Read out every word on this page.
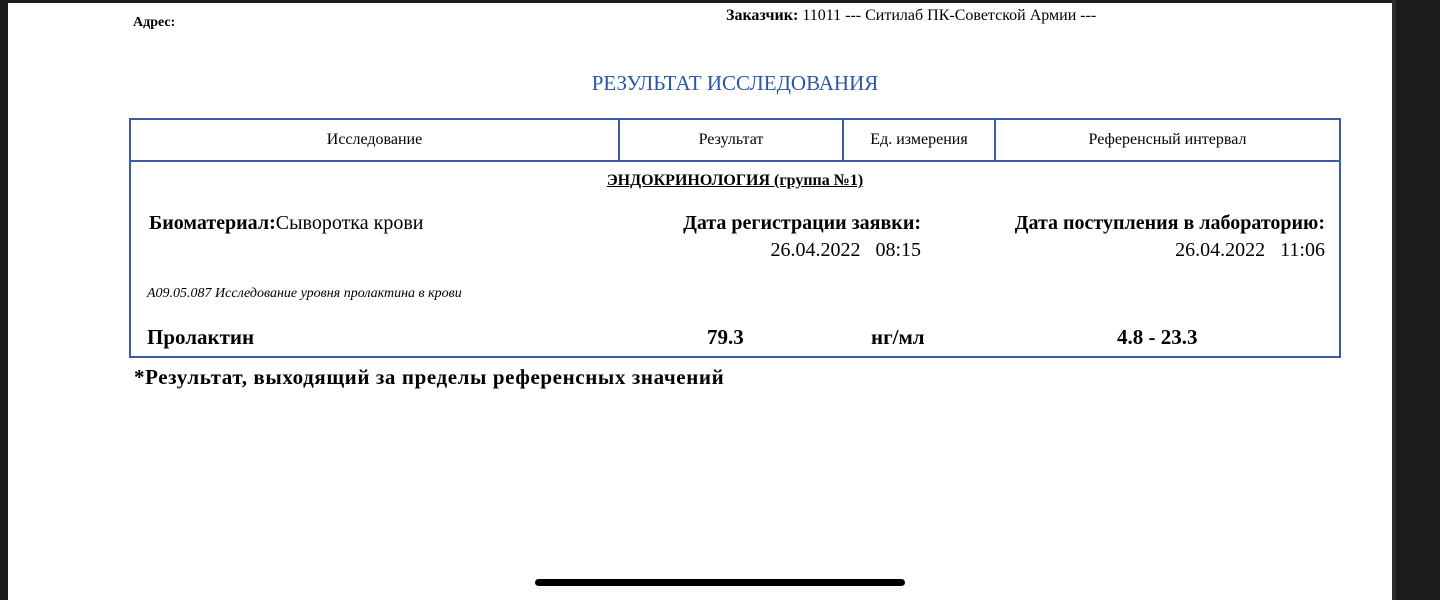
Адрес:	Заказчик: 11011 --- Ситилаб ПК-Советской Армии ---
РЕЗУЛЬТАТ ИССЛЕДОВАНИЯ
Исследование	Результат	Ед. измерения	Референсный интервал
ЭНДОКРИНОЛОГИЯ (группа №1)
Биоматериал:Сыворотка крови	Дата регистрации заявки:
26.04.2022 08:15
Дата поступления в лабораторию:
26.04.2022 11:06
A09.05.087 Исследование уровня пролактина в крови
Пролактин	79.3	нг/мл	4.8 - 23.3
*Результат, выходящий за пределы референсных значений
